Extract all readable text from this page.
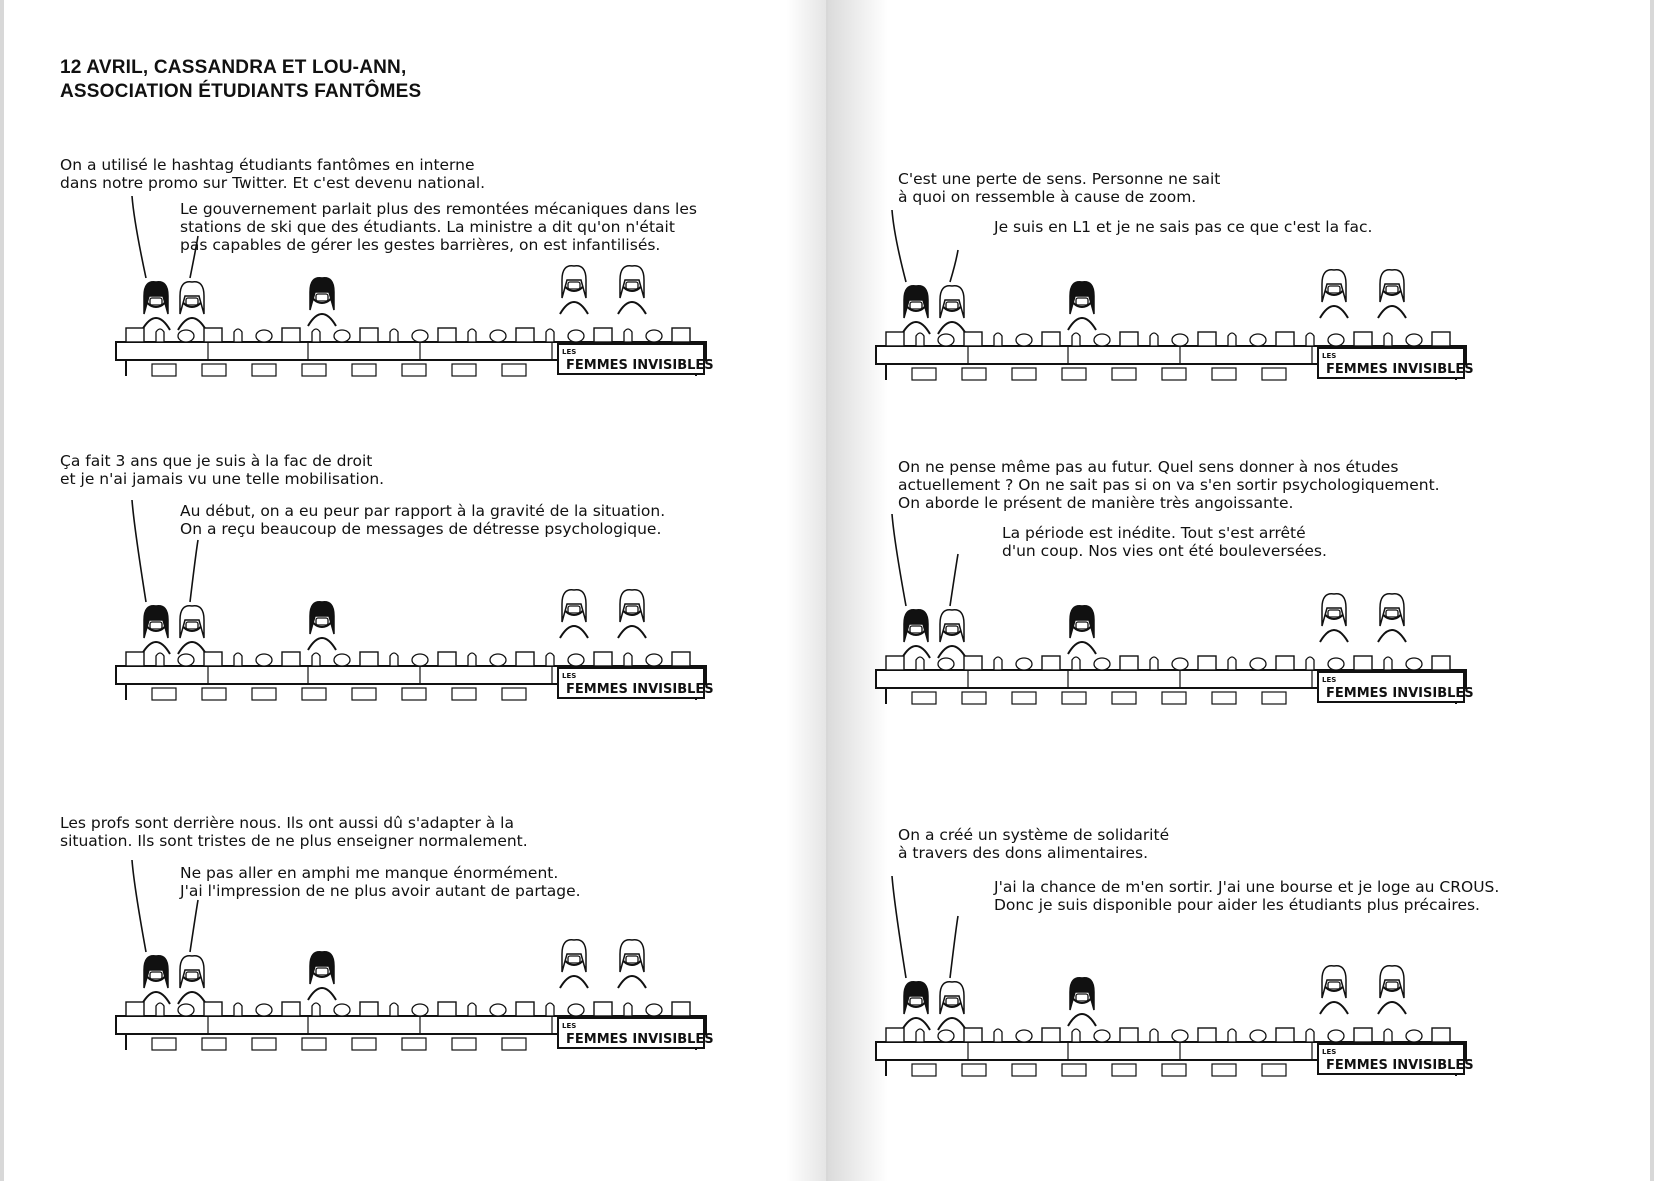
12 AVRIL, CASSANDRA ET LOU-ANN,
ASSOCIATION ÉTUDIANTS FANTÔMES
On a utilisé le hashtag étudiants fantômes en interne
dans notre promo sur Twitter. Et c'est devenu national.
Le gouvernement parlait plus des remontées mécaniques dans les
stations de ski que des étudiants. La ministre a dit qu'on n'était
pas capables de gérer les gestes barrières, on est infantilisés.
LES
FEMMES INVISIBLES
Ça fait 3 ans que je suis à la fac de droit
et je n'ai jamais vu une telle mobilisation.
Au début, on a eu peur par rapport à la gravité de la situation.
On a reçu beaucoup de messages de détresse psychologique.
LES
FEMMES INVISIBLES
Les profs sont derrière nous. Ils ont aussi dû s'adapter à la
situation. Ils sont tristes de ne plus enseigner normalement.
Ne pas aller en amphi me manque énormément.
J'ai l'impression de ne plus avoir autant de partage.
LES
FEMMES INVISIBLES
C'est une perte de sens. Personne ne sait
à quoi on ressemble à cause de zoom.
Je suis en L1 et je ne sais pas ce que c'est la fac.
LES
FEMMES INVISIBLES
On ne pense même pas au futur. Quel sens donner à nos études
actuellement ? On ne sait pas si on va s'en sortir psychologiquement.
On aborde le présent de manière très angoissante.
La période est inédite. Tout s'est arrêté
d'un coup. Nos vies ont été bouleversées.
LES
FEMMES INVISIBLES
On a créé un système de solidarité
à travers des dons alimentaires.
J'ai la chance de m'en sortir. J'ai une bourse et je loge au CROUS.
Donc je suis disponible pour aider les étudiants plus précaires.
LES
FEMMES INVISIBLES
